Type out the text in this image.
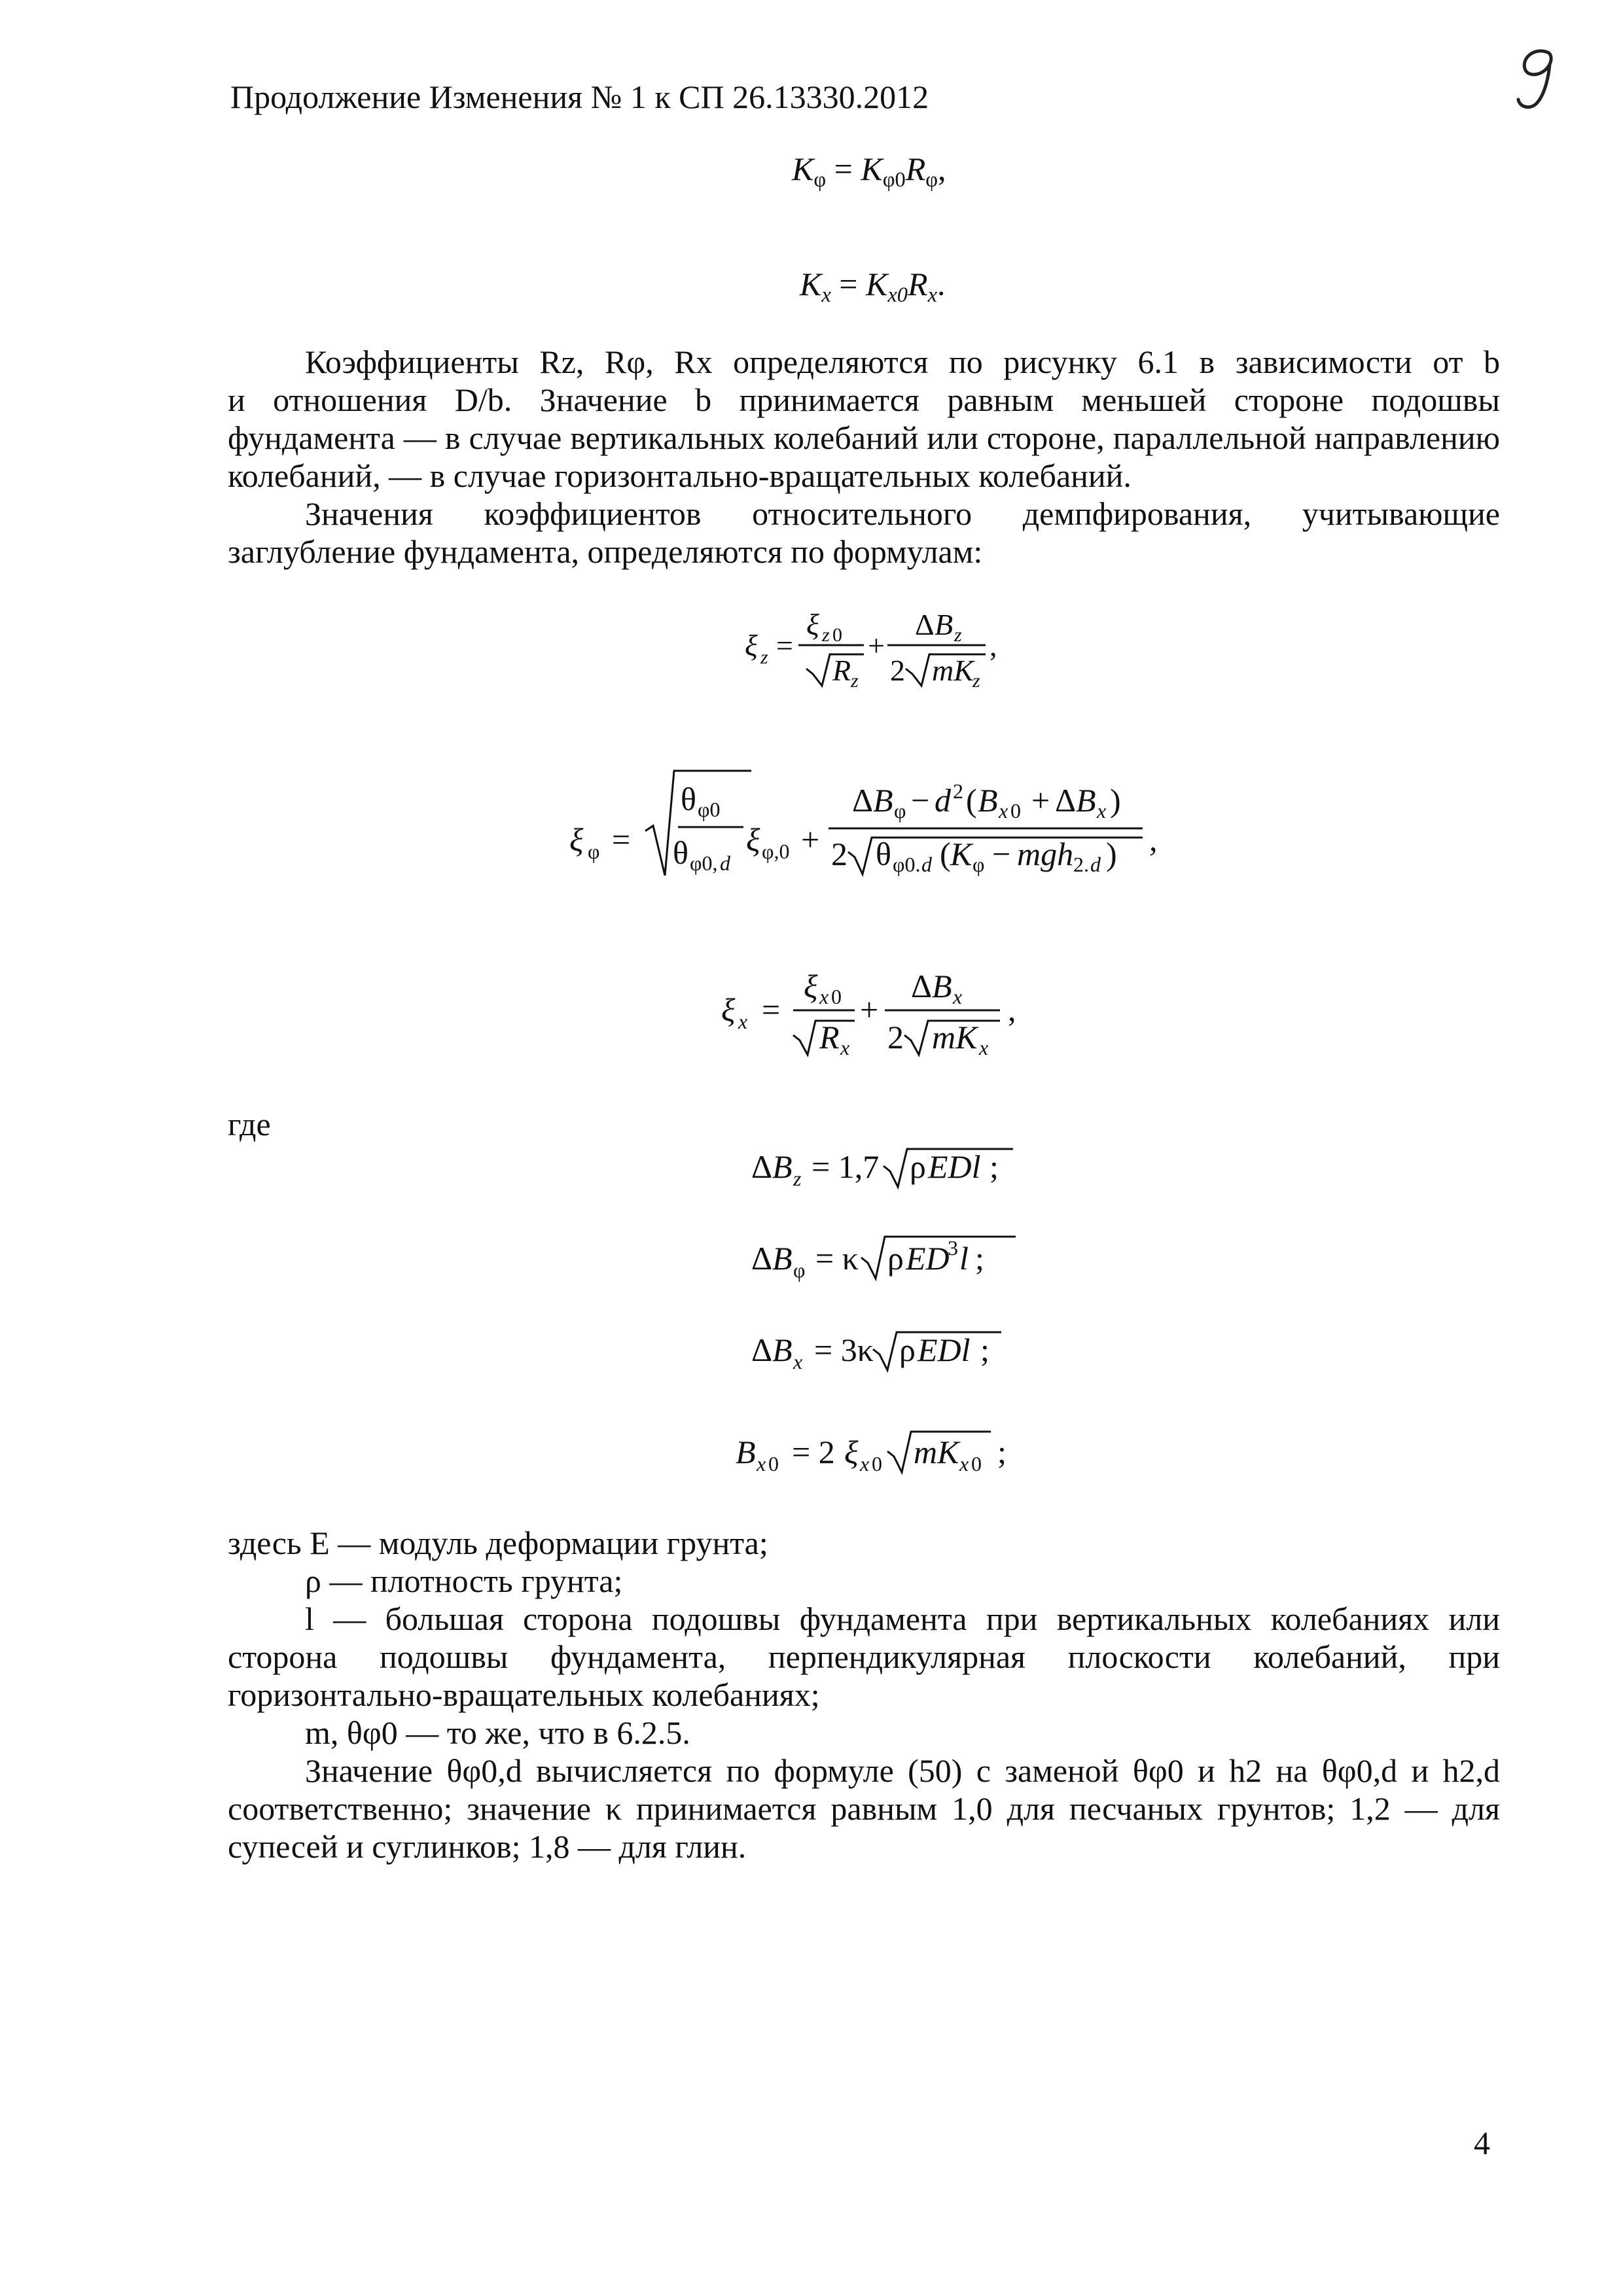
Продолжение Изменения № 1 к СП 26.13330.2012
$K_\varphi = K_{\varphi 0}R_\varphi$,
$K_x = K_{x0}R_x$.
Коэффициенты Rz, Rφ, Rx определяются по рисунку 6.1 в зависимости от b
и отношения D/b. Значение b принимается равным меньшей стороне подошвы
фундамента — в случае вертикальных колебаний или стороне, параллельной направлению
колебаний, — в случае горизонтально-вращательных колебаний.
Значения коэффициентов относительного демпфирования, учитывающие
заглубление фундамента, определяются по формулам:
ξ z =
ξ z 0
R z
+
Δ B z
2 mK
z
,
ξ φ =
θ φ0
θ φ0, d
ξ φ,0 +
Δ B φ − d 2 ( B x 0 + Δ B x )
2 θ φ0. d ( K φ − mgh 2. d ) ,
ξ x =
ξ x 0
R x
+
Δ B x
2 mK x
,
Δ B z = 1,7 ρ EDl ;
Δ B φ = κ ρ ED
3 l ;
Δ B x = 3κ ρ EDl ;
B x 0 = 2 ξ x 0 mK x 0 ;
где
здесь E — модуль деформации грунта;
ρ — плотность грунта;
l — большая сторона подошвы фундамента при вертикальных колебаниях или
сторона подошвы фундамента, перпендикулярная плоскости колебаний, при
горизонтально-вращательных колебаниях;
m, θφ0 — то же, что в 6.2.5.
Значение θφ0,d вычисляется по формуле (50) с заменой θφ0 и h2 на θφ0,d и h2,d
соответственно; значение κ принимается равным 1,0 для песчаных грунтов; 1,2 — для
супесей и суглинков; 1,8 — для глин.
4
